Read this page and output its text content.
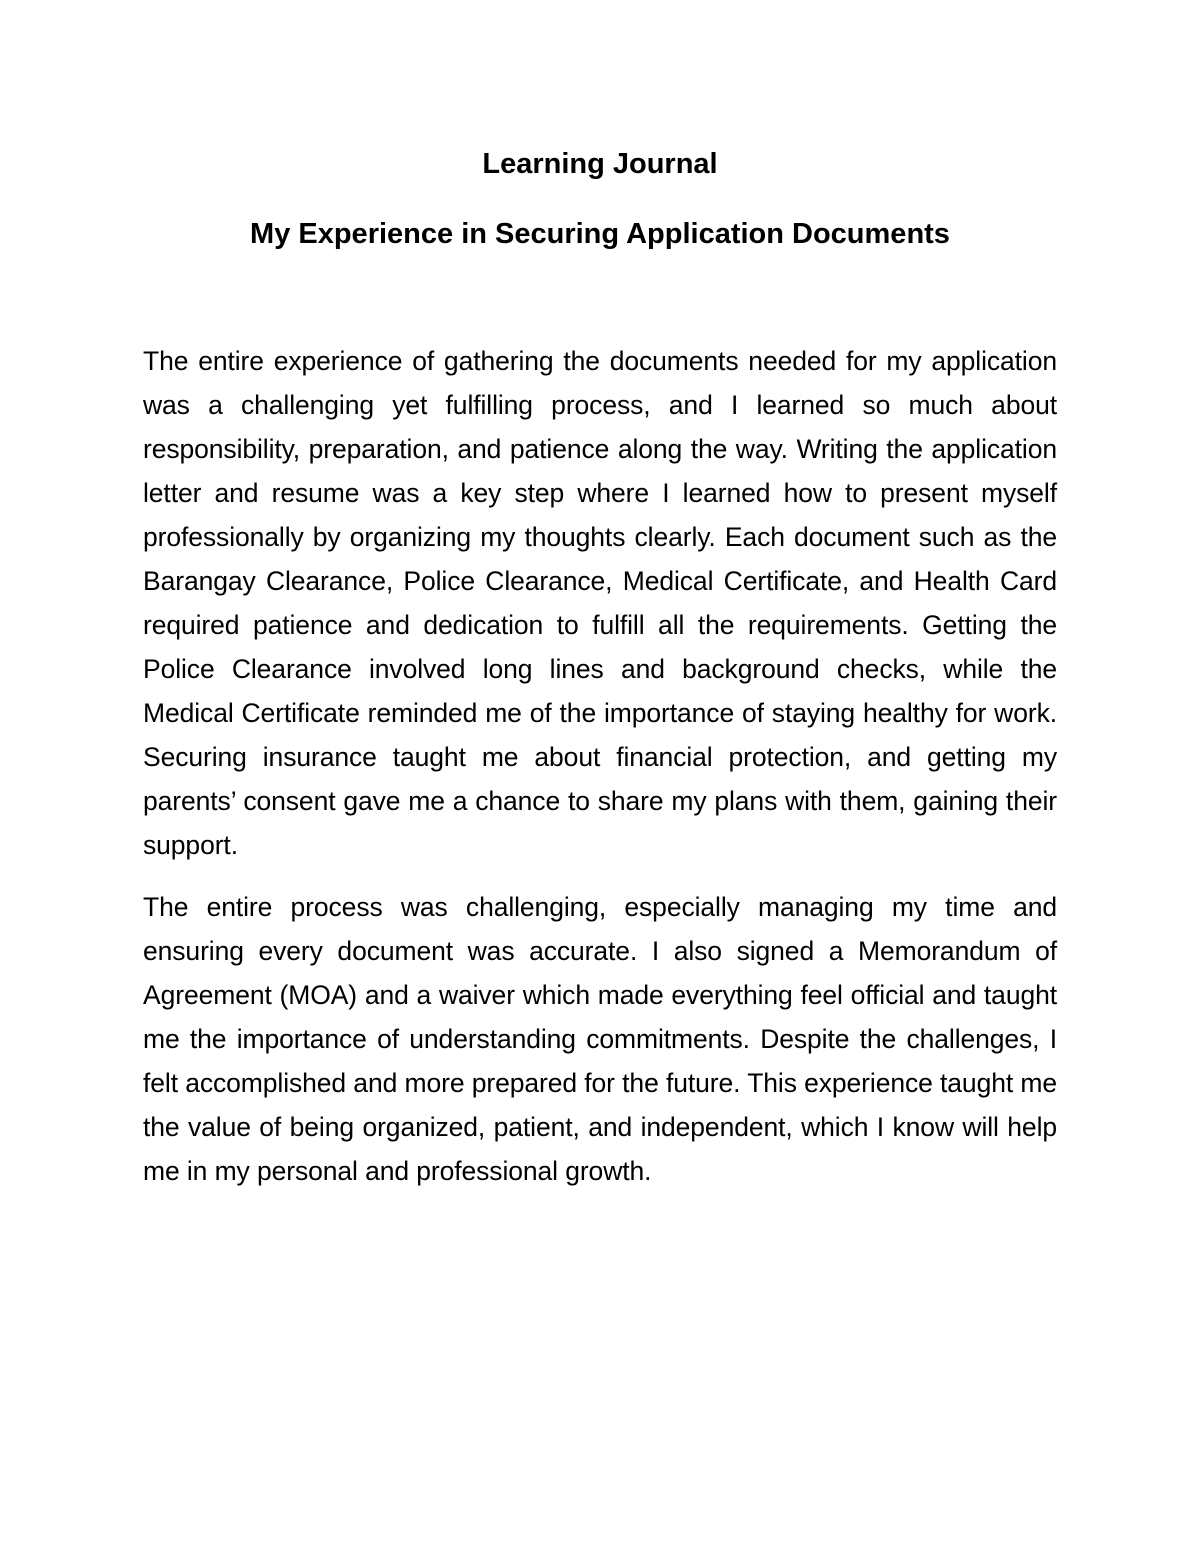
Learning Journal
My Experience in Securing Application Documents

The entire experience of gathering the documents needed for my application was a challenging yet fulfilling process, and I learned so much about responsibility, preparation, and patience along the way. Writing the application letter and resume was a key step where I learned how to present myself professionally by organizing my thoughts clearly. Each document such as the Barangay Clearance, Police Clearance, Medical Certificate, and Health Card required patience and dedication to fulfill all the requirements. Getting the Police Clearance involved long lines and background checks, while the Medical Certificate reminded me of the importance of staying healthy for work. Securing insurance taught me about financial protection, and getting my parents’ consent gave me a chance to share my plans with them, gaining their support.

The entire process was challenging, especially managing my time and ensuring every document was accurate. I also signed a Memorandum of Agreement (MOA) and a waiver which made everything feel official and taught me the importance of understanding commitments. Despite the challenges, I felt accomplished and more prepared for the future. This experience taught me the value of being organized, patient, and independent, which I know will help me in my personal and professional growth.
